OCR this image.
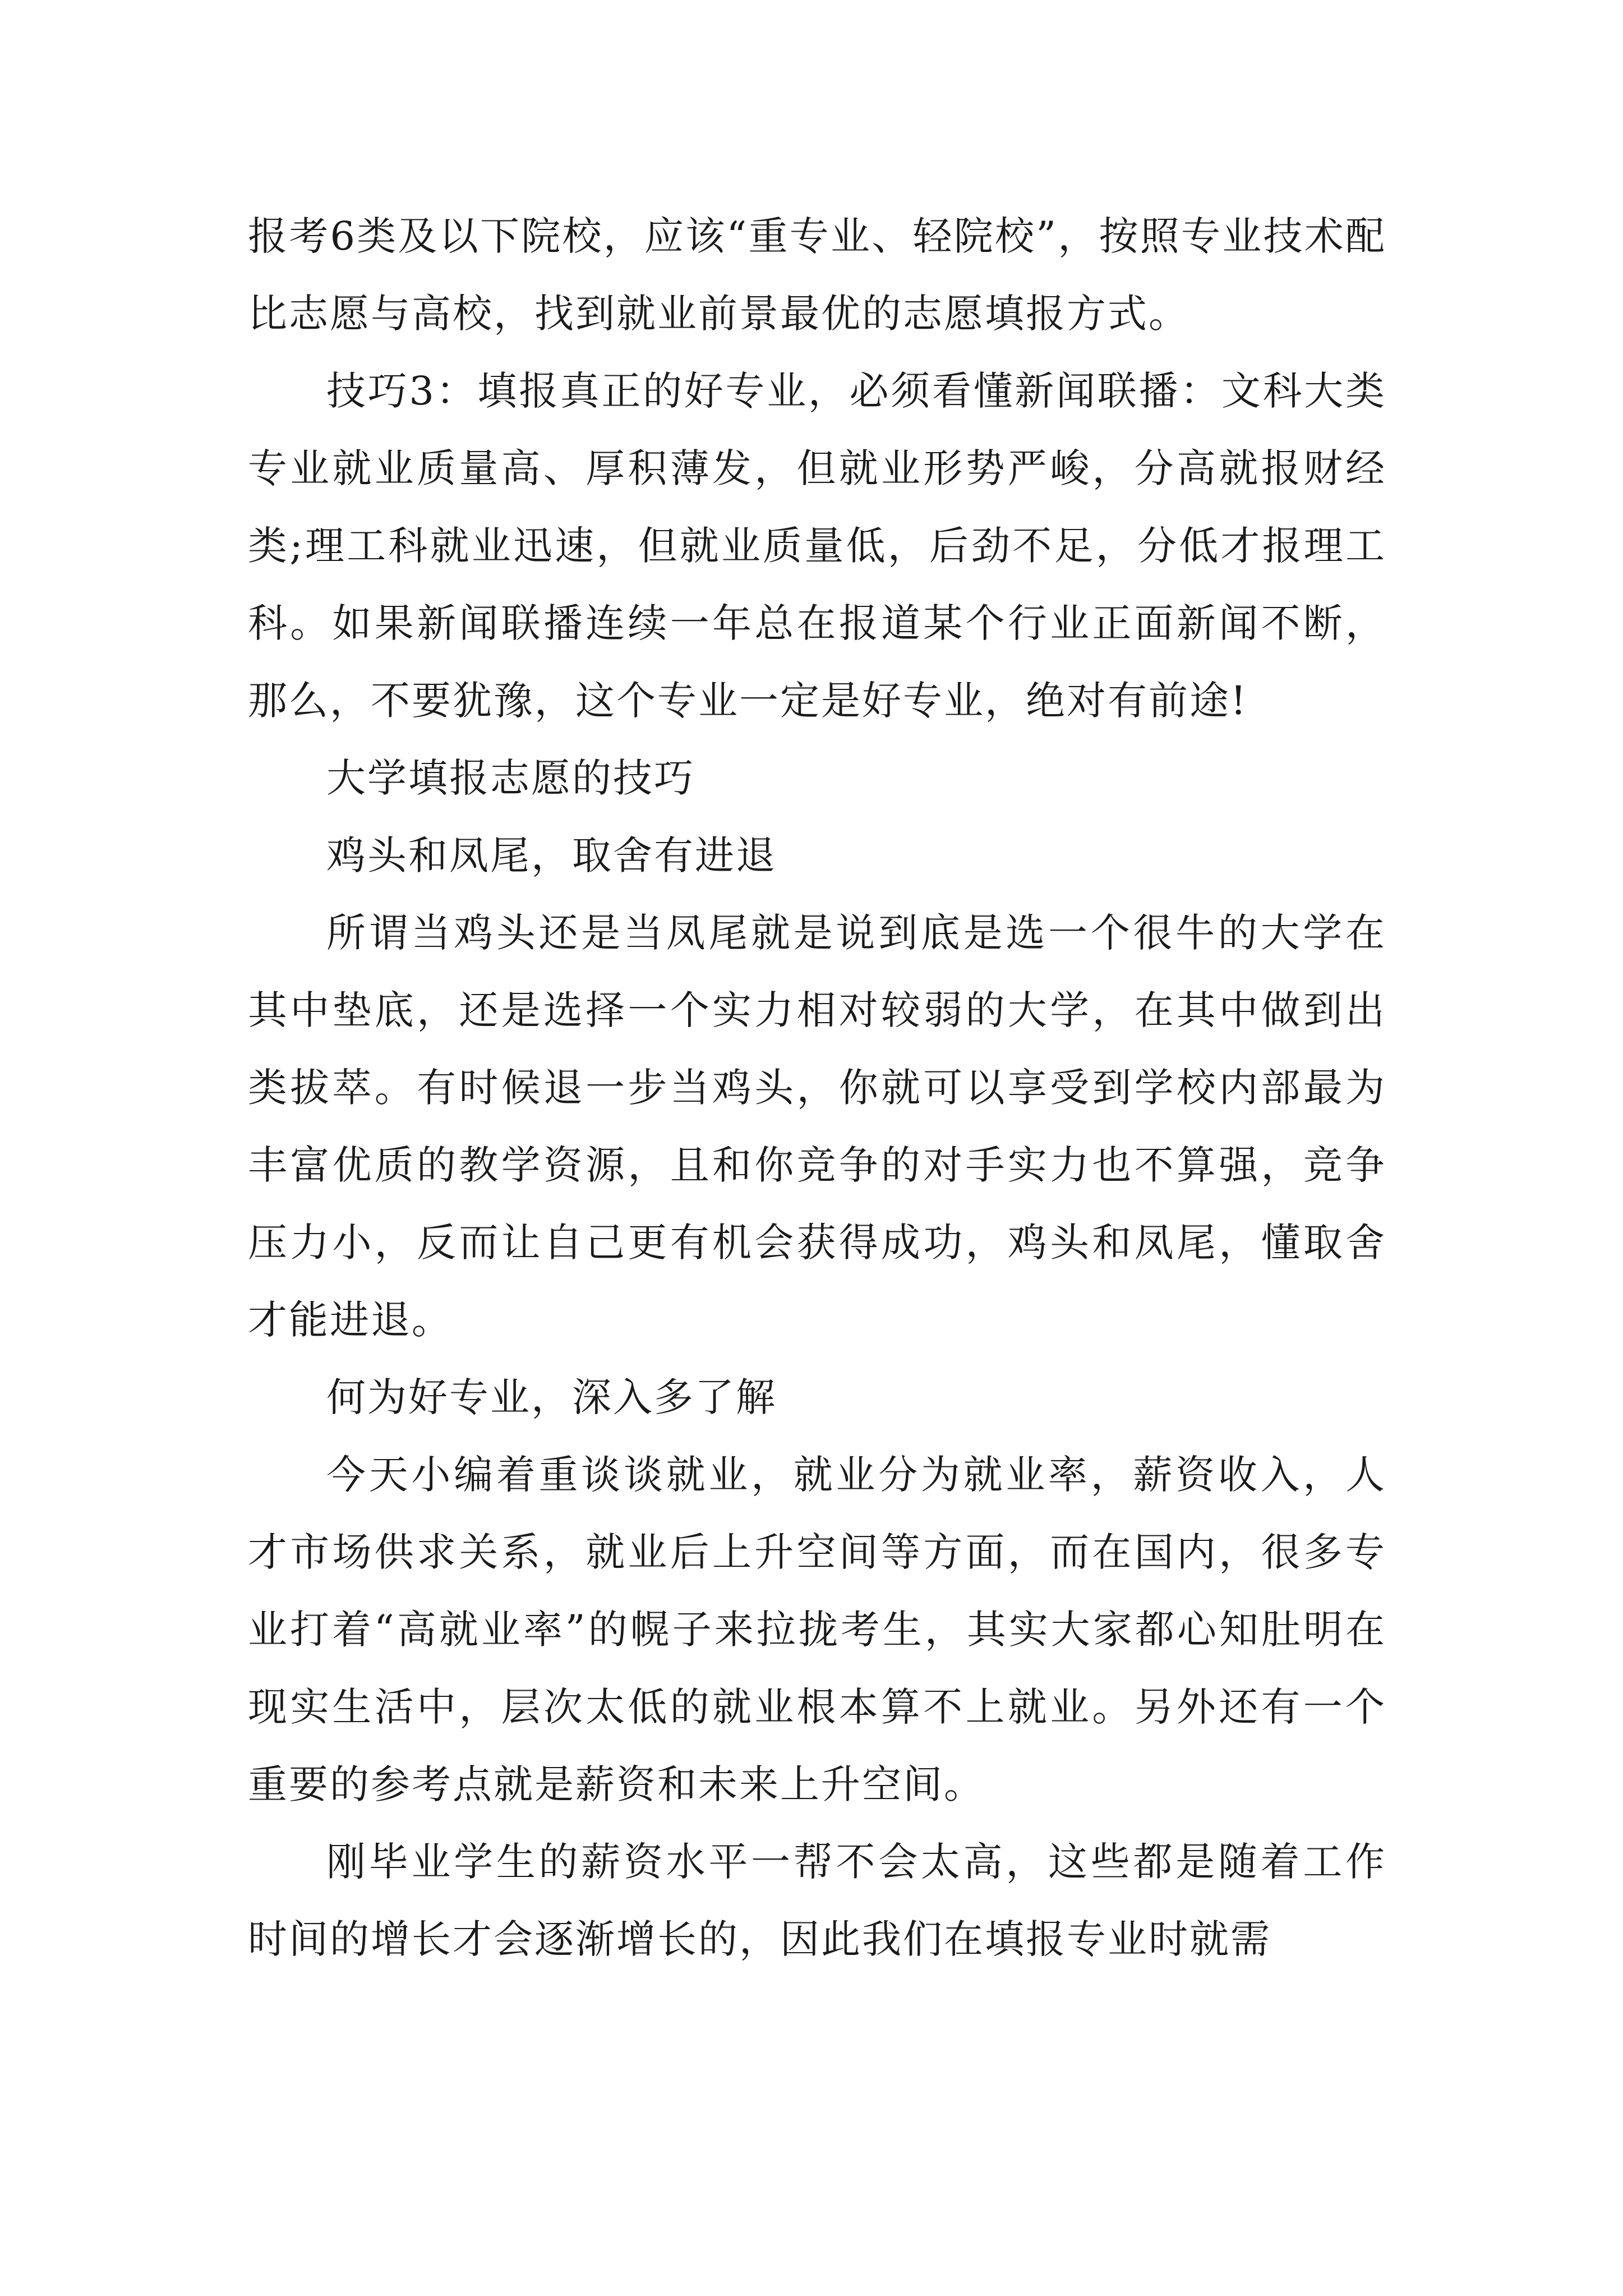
报考6类及以下院校，应该“重专业、轻院校”，按照专业技术配比志愿与高校，找到就业前景最优的志愿填报方式。

技巧3：填报真正的好专业，必须看懂新闻联播：文科大类专业就业质量高、厚积薄发，但就业形势严峻，分高就报财经类;理工科就业迅速，但就业质量低，后劲不足，分低才报理工科。如果新闻联播连续一年总在报道某个行业正面新闻不断，那么，不要犹豫，这个专业一定是好专业，绝对有前途!

大学填报志愿的技巧

鸡头和凤尾，取舍有进退

所谓当鸡头还是当凤尾就是说到底是选一个很牛的大学在其中垫底，还是选择一个实力相对较弱的大学，在其中做到出类拔萃。有时候退一步当鸡头，你就可以享受到学校内部最为丰富优质的教学资源，且和你竞争的对手实力也不算强，竞争压力小，反而让自己更有机会获得成功，鸡头和凤尾，懂取舍才能进退。

何为好专业，深入多了解

今天小编着重谈谈就业，就业分为就业率，薪资收入，人才市场供求关系，就业后上升空间等方面，而在国内，很多专业打着“高就业率”的幌子来拉拢考生，其实大家都心知肚明在现实生活中，层次太低的就业根本算不上就业。另外还有一个重要的参考点就是薪资和未来上升空间。

刚毕业学生的薪资水平一帮不会太高，这些都是随着工作时间的增长才会逐渐增长的，因此我们在填报专业时就需
